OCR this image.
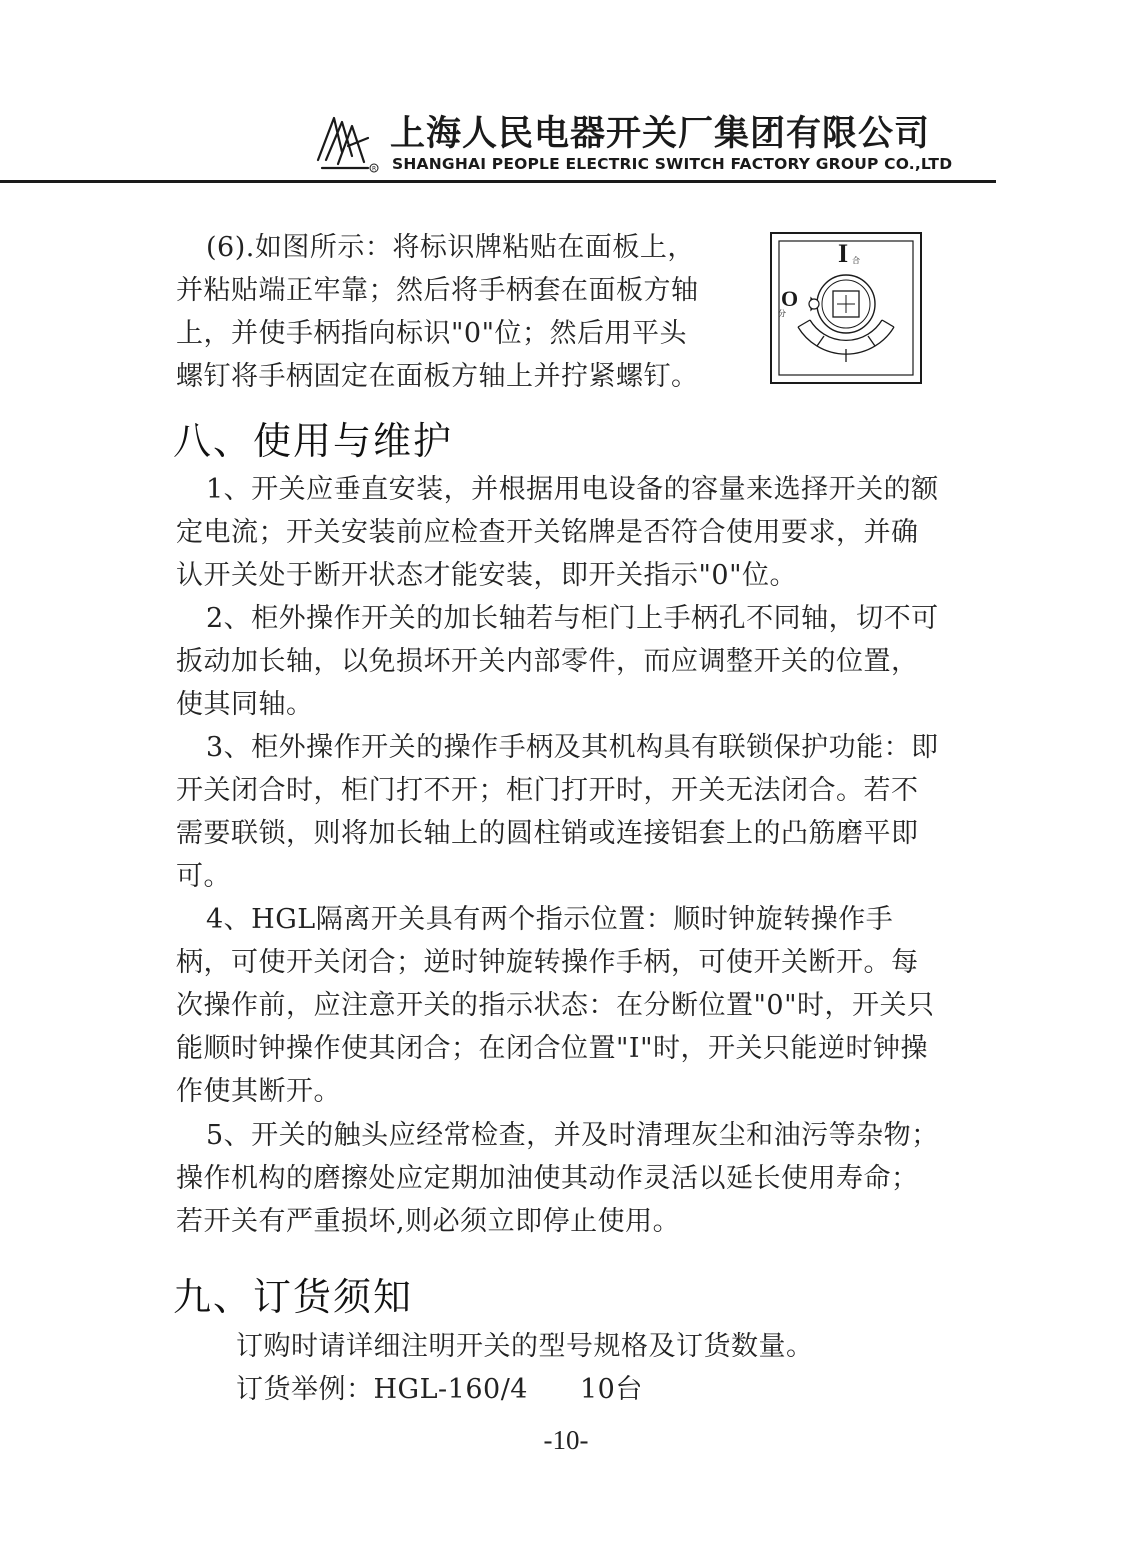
R
上海人民电器开关厂集团有限公司
SHANGHAI PEOPLE ELECTRIC SWITCH FACTORY GROUP CO.,LTD
(6).如图所示：将标识牌粘贴在面板上，
并粘贴端正牢靠；然后将手柄套在面板方轴
上，并使手柄指向标识"0"位；然后用平头
螺钉将手柄固定在面板方轴上并拧紧螺钉。
I 合
O
分
八、使用与维护
1、开关应垂直安装，并根据用电设备的容量来选择开关的额定电流；开关安装前应检查开关铭牌是否符合使用要求，并确认开关处于断开状态才能安装，即开关指示"0"位。
2、柜外操作开关的加长轴若与柜门上手柄孔不同轴，切不可扳动加长轴，以免损坏开关内部零件，而应调整开关的位置，使其同轴。
3、柜外操作开关的操作手柄及其机构具有联锁保护功能：即开关闭合时，柜门打不开；柜门打开时，开关无法闭合。若不需要联锁，则将加长轴上的圆柱销或连接铝套上的凸筋磨平即可。
4、HGL隔离开关具有两个指示位置：顺时钟旋转操作手柄，可使开关闭合；逆时钟旋转操作手柄，可使开关断开。每次操作前，应注意开关的指示状态：在分断位置"0"时，开关只能顺时钟操作使其闭合；在闭合位置"I"时，开关只能逆时钟操作使其断开。
5、开关的触头应经常检查，并及时清理灰尘和油污等杂物；操作机构的磨擦处应定期加油使其动作灵活以延长使用寿命；若开关有严重损坏,则必须立即停止使用。
九、订货须知
订购时请详细注明开关的型号规格及订货数量。
订货举例：HGL-160/4 10台
-10-
